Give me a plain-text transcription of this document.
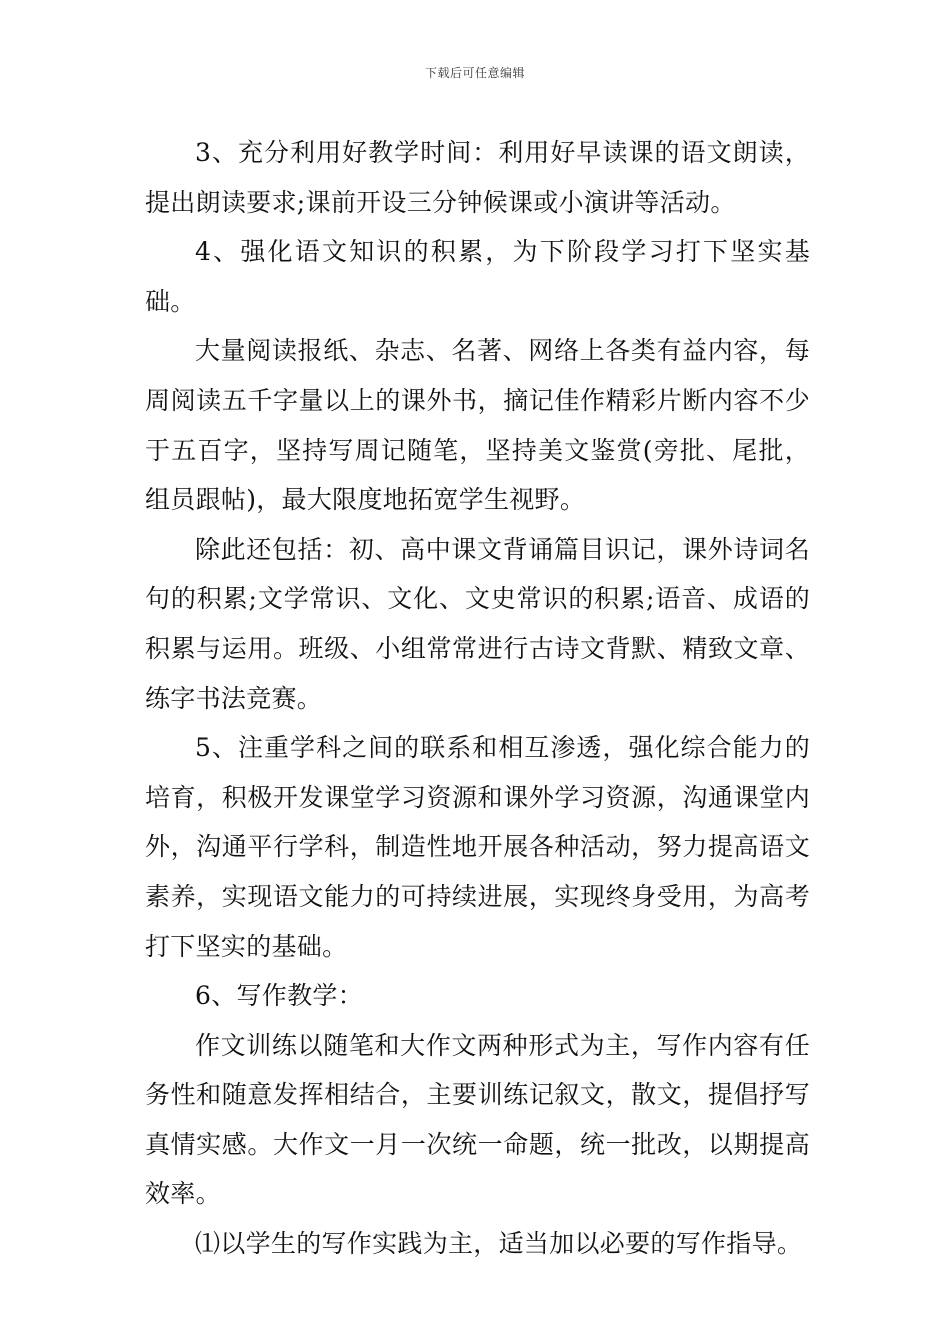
下载后可任意编辑

3、充分利用好教学时间：利用好早读课的语文朗读，提出朗读要求;课前开设三分钟候课或小演讲等活动。

4、强化语文知识的积累，为下阶段学习打下坚实基础。

大量阅读报纸、杂志、名著、网络上各类有益内容，每周阅读五千字量以上的课外书，摘记佳作精彩片断内容不少于五百字，坚持写周记随笔，坚持美文鉴赏(旁批、尾批，组员跟帖)，最大限度地拓宽学生视野。

除此还包括：初、高中课文背诵篇目识记，课外诗词名句的积累;文学常识、文化、文史常识的积累;语音、成语的积累与运用。班级、小组常常进行古诗文背默、精致文章、练字书法竞赛。

5、注重学科之间的联系和相互渗透，强化综合能力的培育，积极开发课堂学习资源和课外学习资源，沟通课堂内外，沟通平行学科，制造性地开展各种活动，努力提高语文素养，实现语文能力的可持续进展，实现终身受用，为高考打下坚实的基础。

6、写作教学：

作文训练以随笔和大作文两种形式为主，写作内容有任务性和随意发挥相结合，主要训练记叙文，散文，提倡抒写真情实感。大作文一月一次统一命题，统一批改，以期提高效率。

⑴以学生的写作实践为主，适当加以必要的写作指导。
